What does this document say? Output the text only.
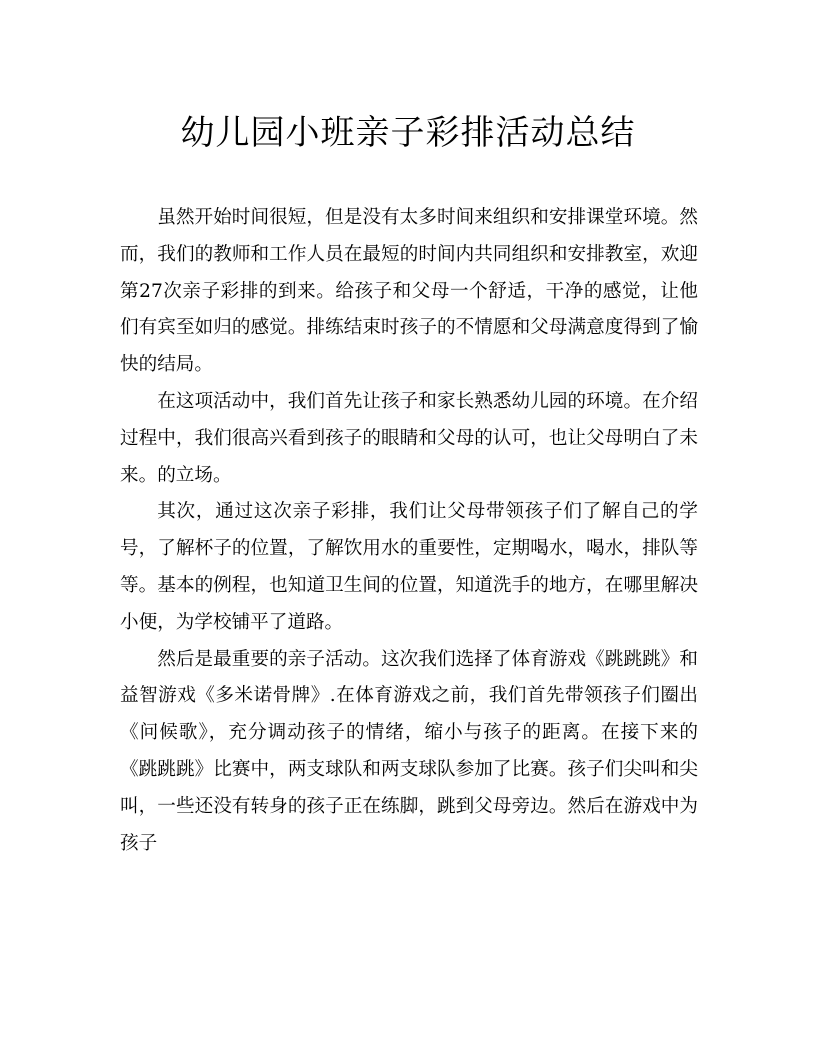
幼儿园小班亲子彩排活动总结

虽然开始时间很短，但是没有太多时间来组织和安排课堂环境。然而，我们的教师和工作人员在最短的时间内共同组织和安排教室，欢迎第27次亲子彩排的到来。给孩子和父母一个舒适，干净的感觉，让他们有宾至如归的感觉。排练结束时孩子的不情愿和父母满意度得到了愉快的结局。

在这项活动中，我们首先让孩子和家长熟悉幼儿园的环境。在介绍过程中，我们很高兴看到孩子的眼睛和父母的认可，也让父母明白了未来。的立场。

其次，通过这次亲子彩排，我们让父母带领孩子们了解自己的学号，了解杯子的位置，了解饮用水的重要性，定期喝水，喝水，排队等等。基本的例程，也知道卫生间的位置，知道洗手的地方，在哪里解决小便，为学校铺平了道路。

然后是最重要的亲子活动。这次我们选择了体育游戏《跳跳跳》和益智游戏《多米诺骨牌》.在体育游戏之前，我们首先带领孩子们圈出《问候歌》，充分调动孩子的情绪，缩小与孩子的距离。在接下来的《跳跳跳》比赛中，两支球队和两支球队参加了比赛。孩子们尖叫和尖叫，一些还没有转身的孩子正在练脚，跳到父母旁边。然后在游戏中为孩子
